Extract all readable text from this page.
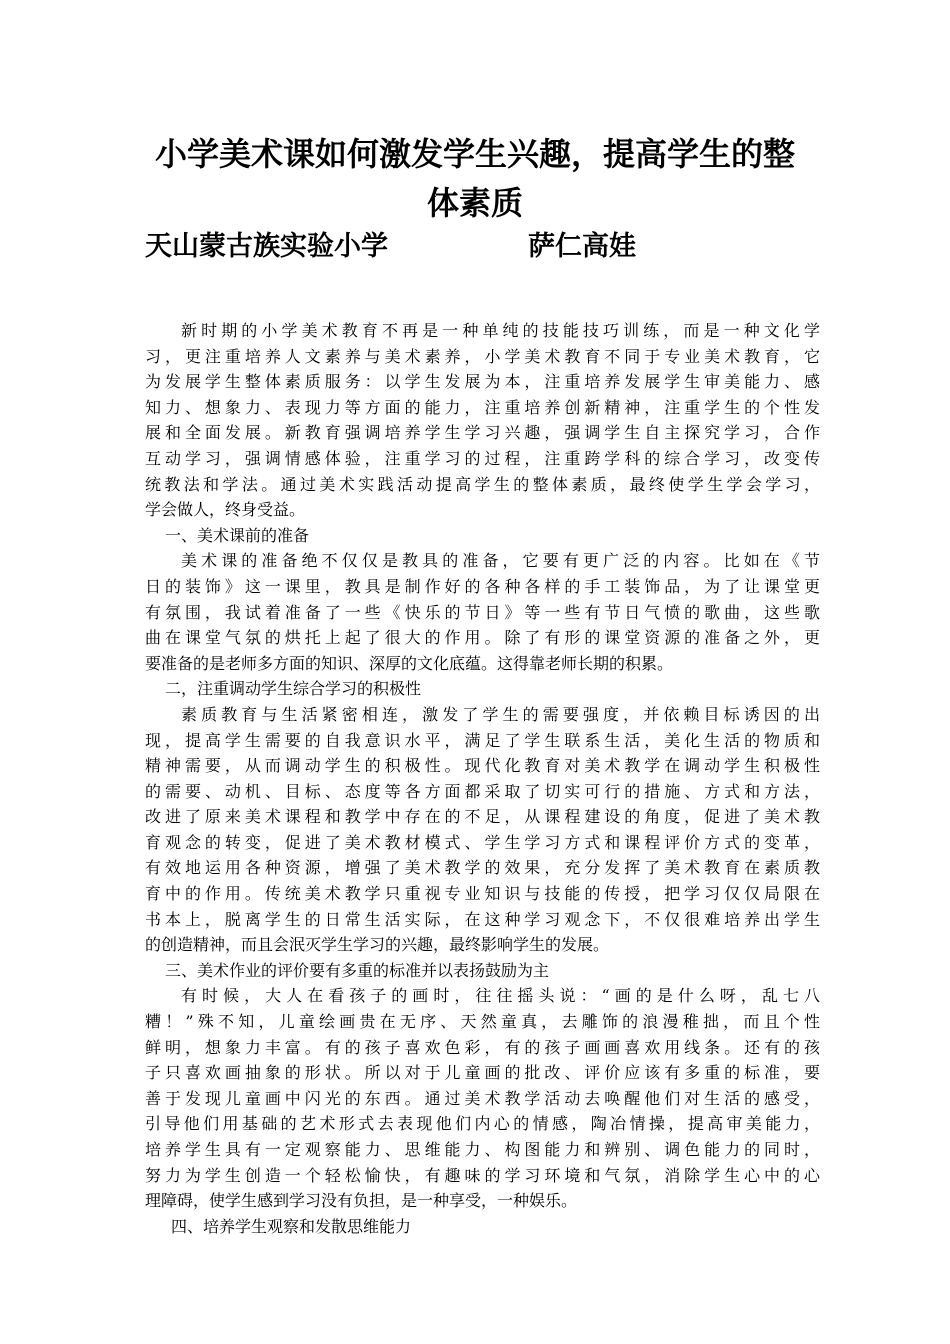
小学美术课如何激发学生兴趣，提高学生的整
体素质
天山蒙古族实验小学	萨仁高娃
新时期的小学美术教育不再是一种单纯的技能技巧训练，而是一种文化学
习，更注重培养人文素养与美术素养，小学美术教育不同于专业美术教育，它
为发展学生整体素质服务：以学生发展为本，注重培养发展学生审美能力、感
知力、想象力、表现力等方面的能力，注重培养创新精神，注重学生的个性发
展和全面发展。新教育强调培养学生学习兴趣，强调学生自主探究学习，合作
互动学习，强调情感体验，注重学习的过程，注重跨学科的综合学习，改变传
统教法和学法。通过美术实践活动提高学生的整体素质，最终使学生学会学习，
学会做人，终身受益。
一、美术课前的准备
美术课的准备绝不仅仅是教具的准备，它要有更广泛的内容。比如在《节
日的装饰》这一课里，教具是制作好的各种各样的手工装饰品，为了让课堂更
有氛围，我试着准备了一些《快乐的节日》等一些有节日气愤的歌曲，这些歌
曲在课堂气氛的烘托上起了很大的作用。除了有形的课堂资源的准备之外，更
要准备的是老师多方面的知识、深厚的文化底蕴。这得靠老师长期的积累。
二，注重调动学生综合学习的积极性
素质教育与生活紧密相连，激发了学生的需要强度，并依赖目标诱因的出
现，提高学生需要的自我意识水平，满足了学生联系生活，美化生活的物质和
精神需要，从而调动学生的积极性。现代化教育对美术教学在调动学生积极性
的需要、动机、目标、态度等各方面都采取了切实可行的措施、方式和方法，
改进了原来美术课程和教学中存在的不足，从课程建设的角度，促进了美术教
育观念的转变，促进了美术教材模式、学生学习方式和课程评价方式的变革，
有效地运用各种资源，增强了美术教学的效果，充分发挥了美术教育在素质教
育中的作用。传统美术教学只重视专业知识与技能的传授，把学习仅仅局限在
书本上，脱离学生的日常生活实际，在这种学习观念下，不仅很难培养出学生
的创造精神，而且会泯灭学生学习的兴趣，最终影响学生的发展。
三、美术作业的评价要有多重的标准并以表扬鼓励为主
有时候，大人在看孩子的画时，往往摇头说：“画的是什么呀，乱七八
糟！”殊不知，儿童绘画贵在无序、天然童真，去雕饰的浪漫稚拙，而且个性
鲜明，想象力丰富。有的孩子喜欢色彩，有的孩子画画喜欢用线条。还有的孩
子只喜欢画抽象的形状。所以对于儿童画的批改、评价应该有多重的标准，要
善于发现儿童画中闪光的东西。通过美术教学活动去唤醒他们对生活的感受，
引导他们用基础的艺术形式去表现他们内心的情感，陶冶情操，提高审美能力，
培养学生具有一定观察能力、思维能力、构图能力和辨别、调色能力的同时，
努力为学生创造一个轻松愉快，有趣味的学习环境和气氛，消除学生心中的心
理障碍，使学生感到学习没有负担，是一种享受，一种娱乐。
四、培养学生观察和发散思维能力
